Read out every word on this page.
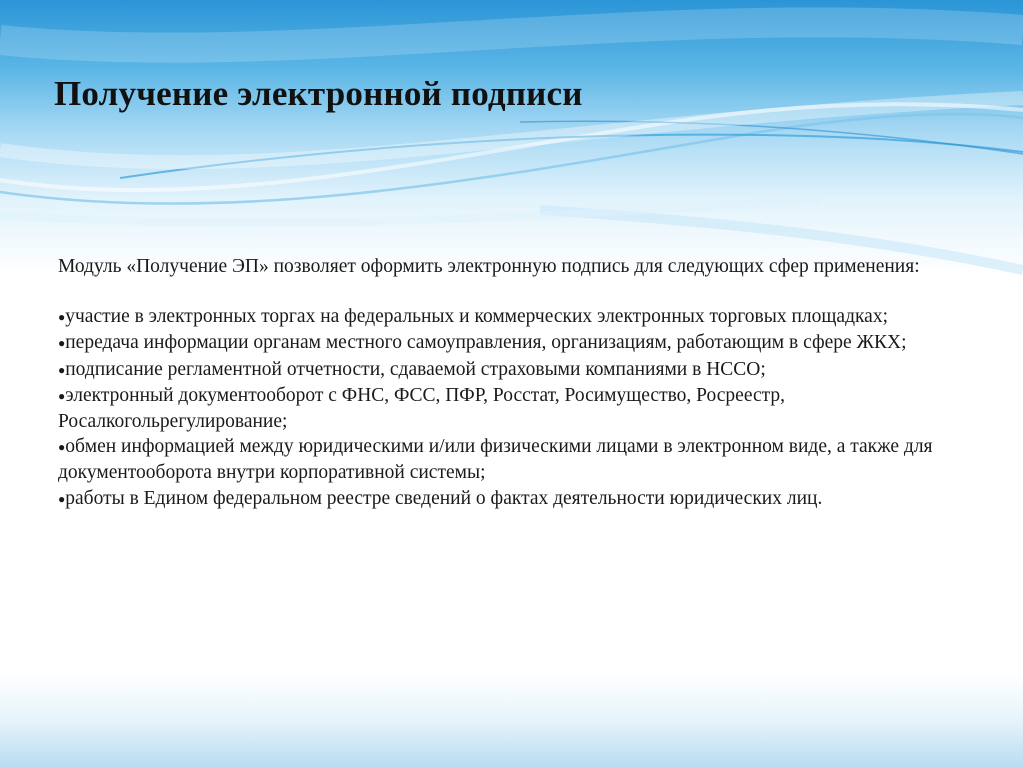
Получение электронной подписи

Модуль «Получение ЭП» позволяет оформить электронную подпись для следующих сфер применения:

●участие в электронных торгах на федеральных и коммерческих электронных торговых площадках;
●передача информации органам местного самоуправления, организациям, работающим в сфере ЖКХ;
●подписание регламентной отчетности, сдаваемой страховыми компаниями в НССО;
●электронный документооборот с ФНС, ФСС, ПФР, Росстат, Росимущество, Росреестр, Росалкогольрегулирование;
●обмен информацией между юридическими и/или физическими лицами в электронном виде, а также для документооборота внутри корпоративной системы;
●работы в Едином федеральном реестре сведений о фактах деятельности юридических лиц.
